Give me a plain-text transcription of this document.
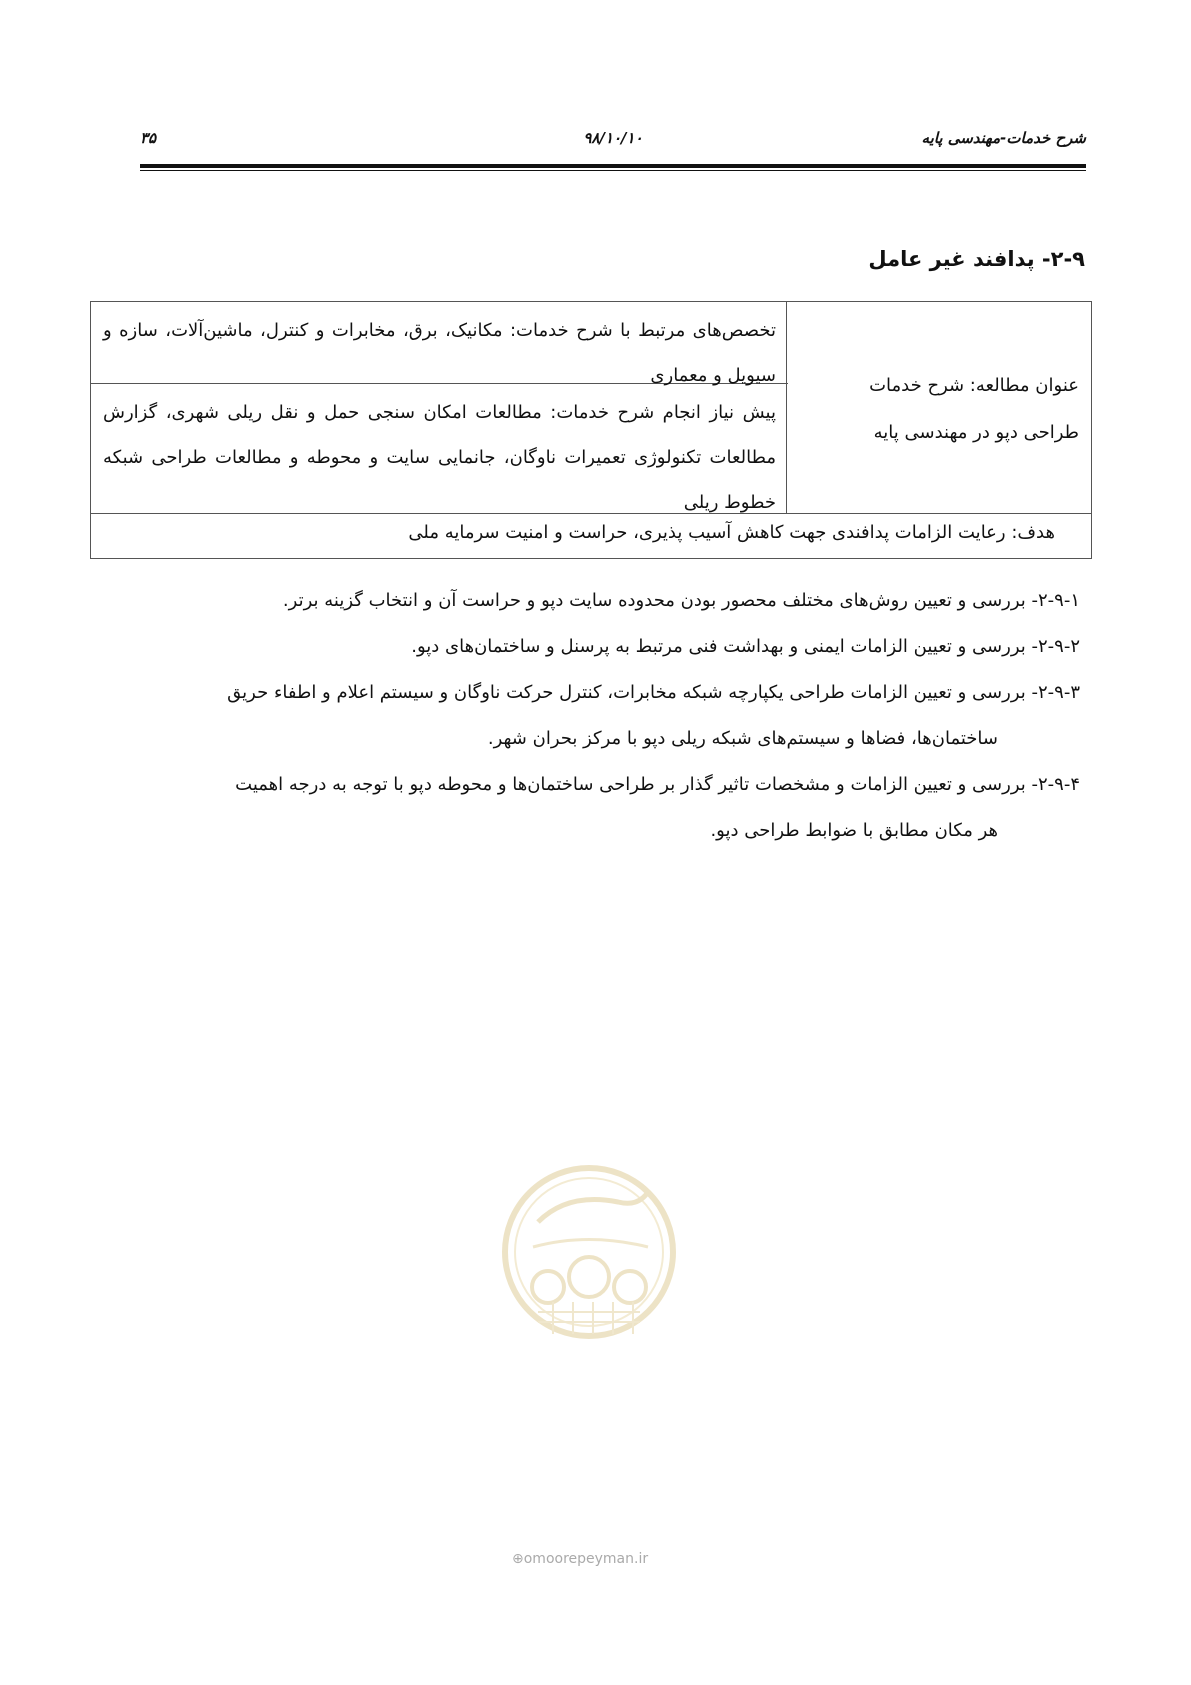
شرح خدمات-مهندسی پایه
۹۸/۱۰/۱۰
۳۵
۲-۹- پدافند غیر عامل
عنوان مطالعه: شرح خدمات
طراحی دپو در مهندسی پایه
تخصص‌های مرتبط با شرح خدمات: مکانیک، برق، مخابرات و کنترل، ماشین‌آلات، سازه و سیویل و معماری
پیش نیاز انجام شرح خدمات: مطالعات امکان سنجی حمل و نقل ریلی شهری، گزارش مطالعات تکنولوژی تعمیرات ناوگان، جانمایی سایت و محوطه و مطالعات طراحی شبکه خطوط ریلی
هدف: رعایت الزامات پدافندی جهت کاهش آسیب پذیری، حراست و امنیت سرمایه ملی
۲-۹-۱- بررسی و تعیین روش‌های مختلف محصور بودن محدوده سایت دپو و حراست آن و انتخاب گزینه برتر.
۲-۹-۲- بررسی و تعیین الزامات ایمنی و بهداشت فنی مرتبط به پرسنل و ساختمان‌های دپو.
۲-۹-۳- بررسی و تعیین الزامات طراحی یکپارچه شبکه مخابرات، کنترل حرکت ناوگان و سیستم اعلام و اطفاء حریق
ساختمان‌ها، فضاها و سیستم‌های شبکه ریلی دپو با مرکز بحران شهر.
۲-۹-۴- بررسی و تعیین الزامات و مشخصات تاثیر گذار بر طراحی ساختمان‌ها و محوطه دپو با توجه به درجه اهمیت
هر مکان مطابق با ضوابط طراحی دپو.
⊕omoorepeyman.ir
